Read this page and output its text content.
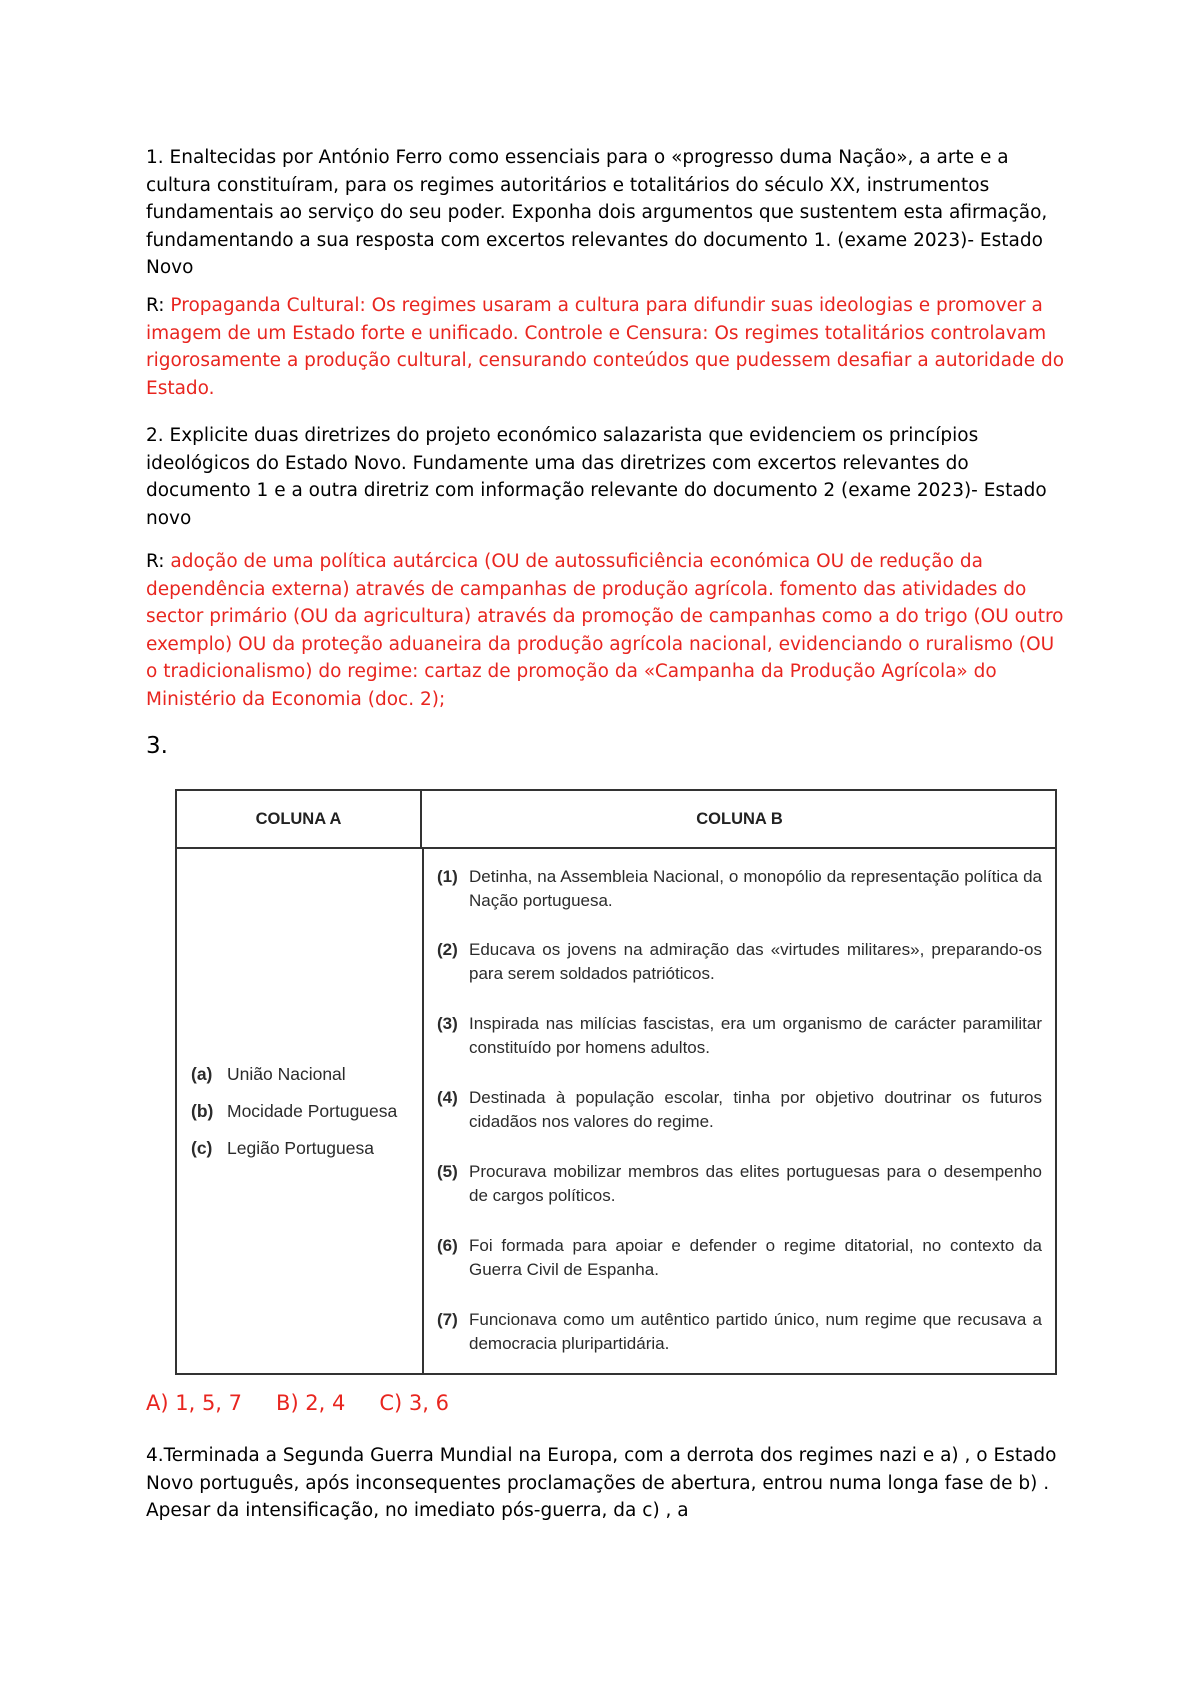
1. Enaltecidas por António Ferro como essenciais para o «progresso duma Nação», a arte e a cultura constituíram, para os regimes autoritários e totalitários do século XX, instrumentos fundamentais ao serviço do seu poder. Exponha dois argumentos que sustentem esta afirmação, fundamentando a sua resposta com excertos relevantes do documento 1. (exame 2023)- Estado Novo

R: Propaganda Cultural: Os regimes usaram a cultura para difundir suas ideologias e promover a imagem de um Estado forte e unificado. Controle e Censura: Os regimes totalitários controlavam rigorosamente a produção cultural, censurando conteúdos que pudessem desafiar a autoridade do Estado.

2. Explicite duas diretrizes do projeto económico salazarista que evidenciem os princípios ideológicos do Estado Novo. Fundamente uma das diretrizes com excertos relevantes do documento 1 e a outra diretriz com informação relevante do documento 2 (exame 2023)- Estado novo

R: adoção de uma política autárcica (OU de autossuficiência económica OU de redução da dependência externa) através de campanhas de produção agrícola. fomento das atividades do sector primário (OU da agricultura) através da promoção de campanhas como a do trigo (OU outro exemplo) OU da proteção aduaneira da produção agrícola nacional, evidenciando o ruralismo (OU o tradicionalismo) do regime: cartaz de promoção da «Campanha da Produção Agrícola» do Ministério da Economia (doc. 2);

3.

COLUNA A	COLUNA B
(a) União Nacional
(b) Mocidade Portuguesa
(c) Legião Portuguesa
(1) Detinha, na Assembleia Nacional, o monopólio da representação política da Nação portuguesa.
(2) Educava os jovens na admiração das «virtudes militares», preparando-os para serem soldados patrióticos.
(3) Inspirada nas milícias fascistas, era um organismo de carácter paramilitar constituído por homens adultos.
(4) Destinada à população escolar, tinha por objetivo doutrinar os futuros cidadãos nos valores do regime.
(5) Procurava mobilizar membros das elites portuguesas para o desempenho de cargos políticos.
(6) Foi formada para apoiar e defender o regime ditatorial, no contexto da Guerra Civil de Espanha.
(7) Funcionava como um autêntico partido único, num regime que recusava a democracia pluripartidária.

A) 1, 5, 7 B) 2, 4 C) 3, 6

4.Terminada a Segunda Guerra Mundial na Europa, com a derrota dos regimes nazi e a) , o Estado Novo português, após inconsequentes proclamações de abertura, entrou numa longa fase de b) . Apesar da intensificação, no imediato pós-guerra, da c) , a
